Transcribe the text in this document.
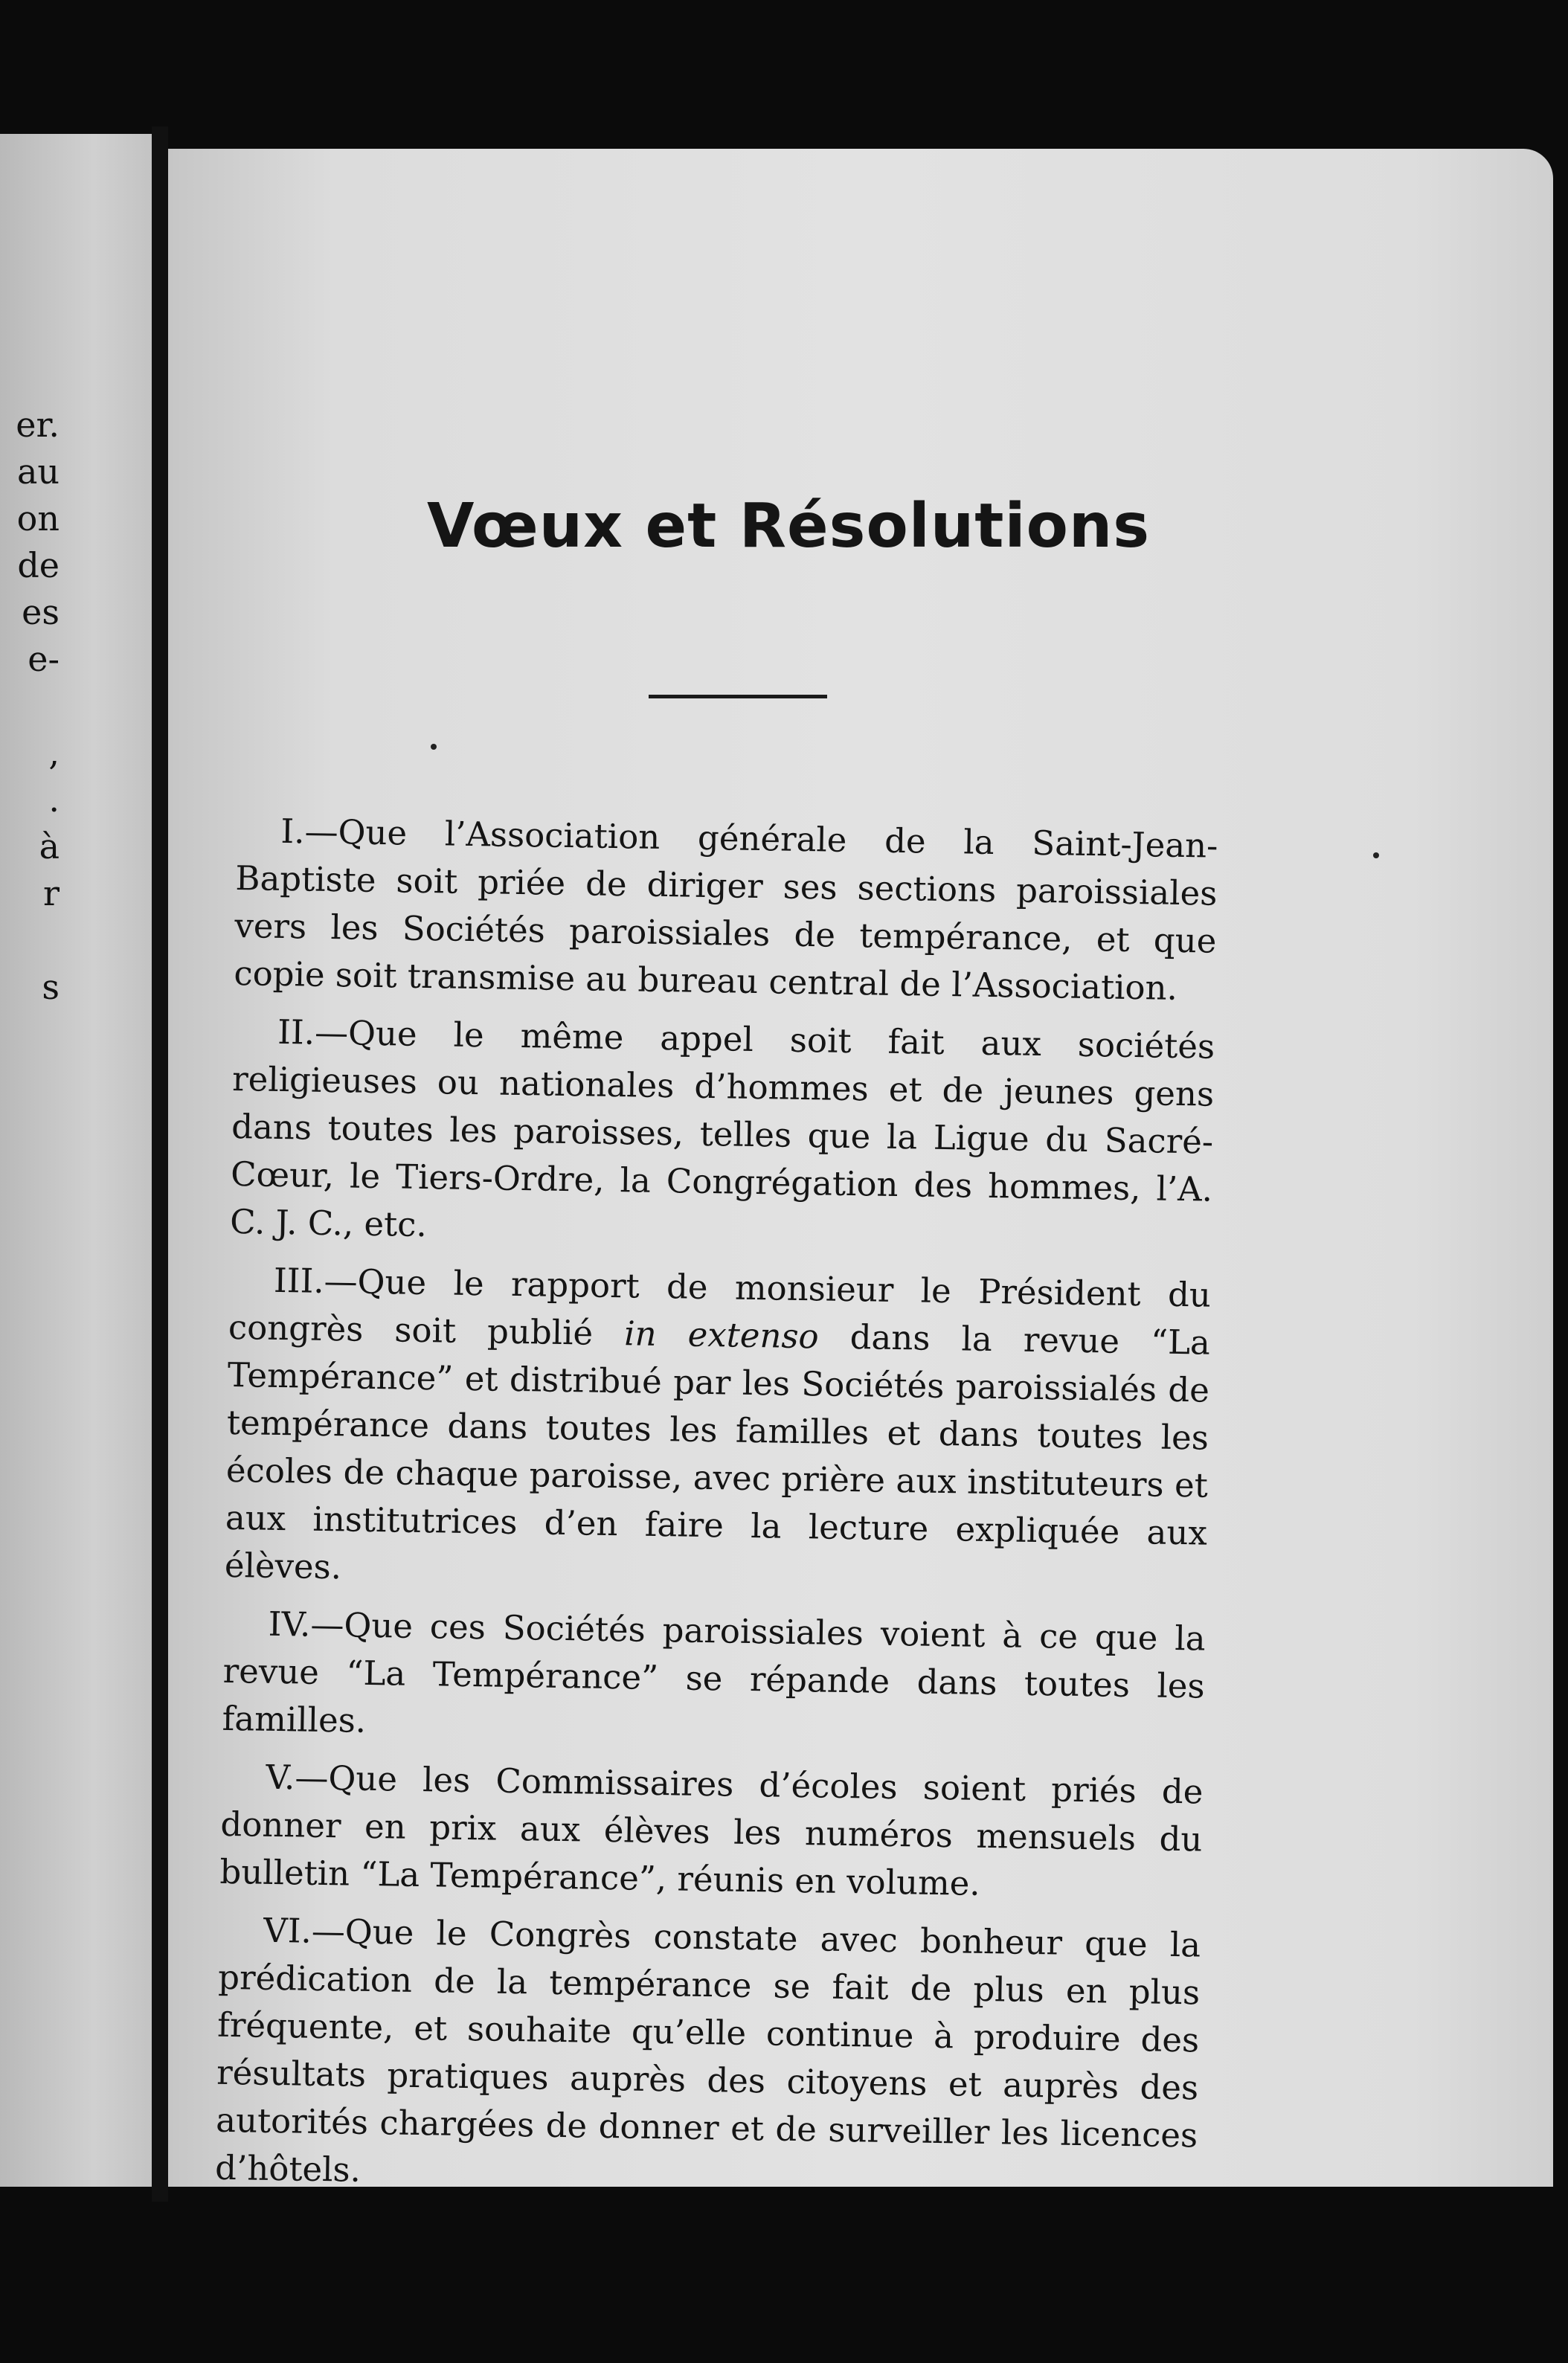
er.
au
on
de
es
e-

,
.
à
r

s
Vœux et Résolutions

I.—Que l’Association générale de la Saint-Jean-Baptiste soit priée de diriger ses sections paroissiales vers les Sociétés paroissiales de tempérance, et que copie soit transmise au bureau central de l’Association.

II.—Que le même appel soit fait aux sociétés religieuses ou nationales d’hommes et de jeunes gens dans toutes les paroisses, telles que la Ligue du Sacré-Cœur, le Tiers-Ordre, la Congrégation des hommes, l’A. C. J. C., etc.

III.—Que le rapport de monsieur le Président du congrès soit publié in extenso dans la revue “La Tempérance” et distribué par les Sociétés paroissialés de tempérance dans toutes les familles et dans toutes les écoles de chaque paroisse, avec prière aux instituteurs et aux institutrices d’en faire la lecture expliquée aux élèves.

IV.—Que ces Sociétés paroissiales voient à ce que la revue “La Tempérance” se répande dans toutes les familles.

V.—Que les Commissaires d’écoles soient priés de donner en prix aux élèves les numéros mensuels du bulletin “La Tempérance”, réunis en volume.

VI.—Que le Congrès constate avec bonheur que la prédication de la tempérance se fait de plus en plus fréquente, et souhaite qu’elle continue à produire des résultats pratiques auprès des citoyens et auprès des autorités chargées de donner et de surveiller les licences d’hôtels.
